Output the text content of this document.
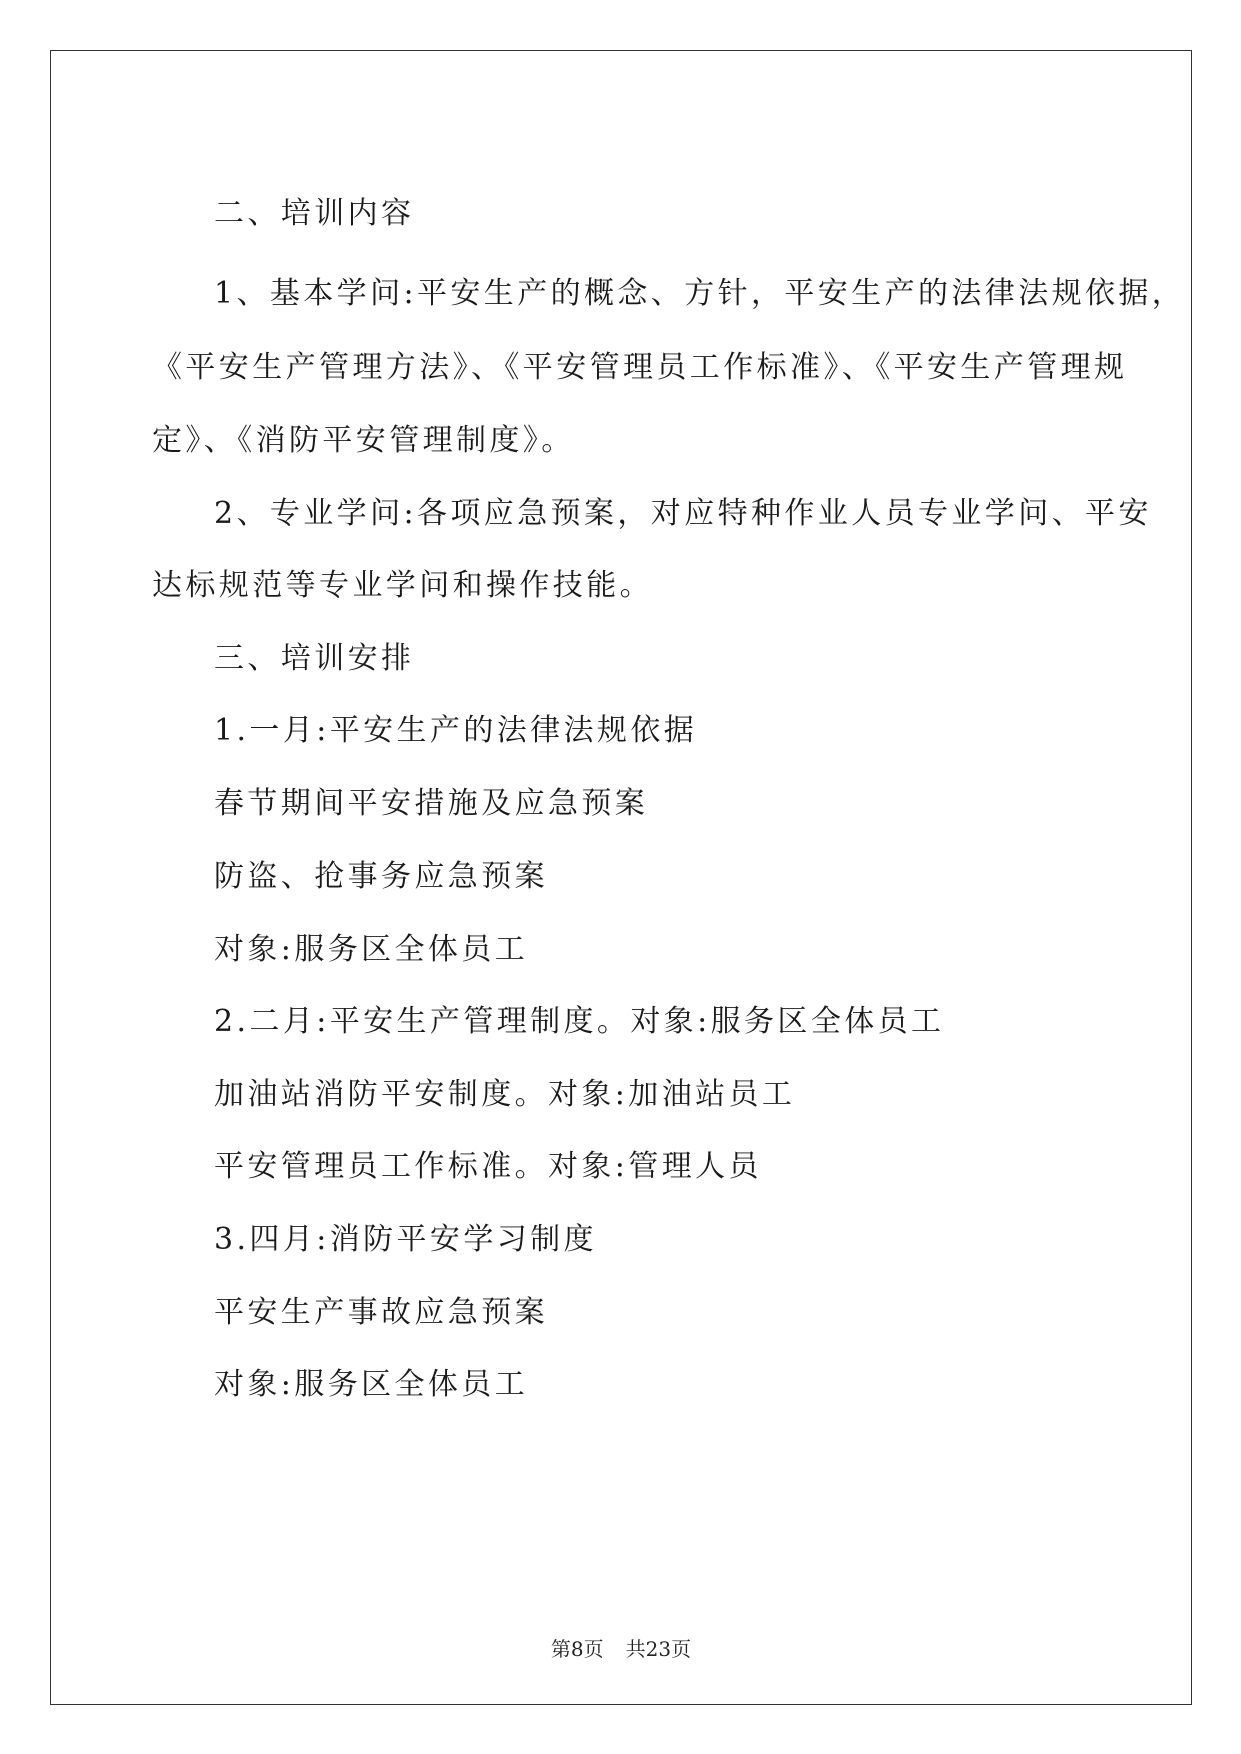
二、培训内容
1、基本学问:平安生产的概念、方针，平安生产的法律法规依据，
《平安生产管理方法》、《平安管理员工作标准》、《平安生产管理规
定》、《消防平安管理制度》。
2、专业学问:各项应急预案，对应特种作业人员专业学问、平安
达标规范等专业学问和操作技能。
三、培训安排
1.一月:平安生产的法律法规依据
春节期间平安措施及应急预案
防盗、抢事务应急预案
对象:服务区全体员工
2.二月:平安生产管理制度。对象:服务区全体员工
加油站消防平安制度。对象:加油站员工
平安管理员工作标准。对象:管理人员
3.四月:消防平安学习制度
平安生产事故应急预案
对象:服务区全体员工
第8页 共23页
